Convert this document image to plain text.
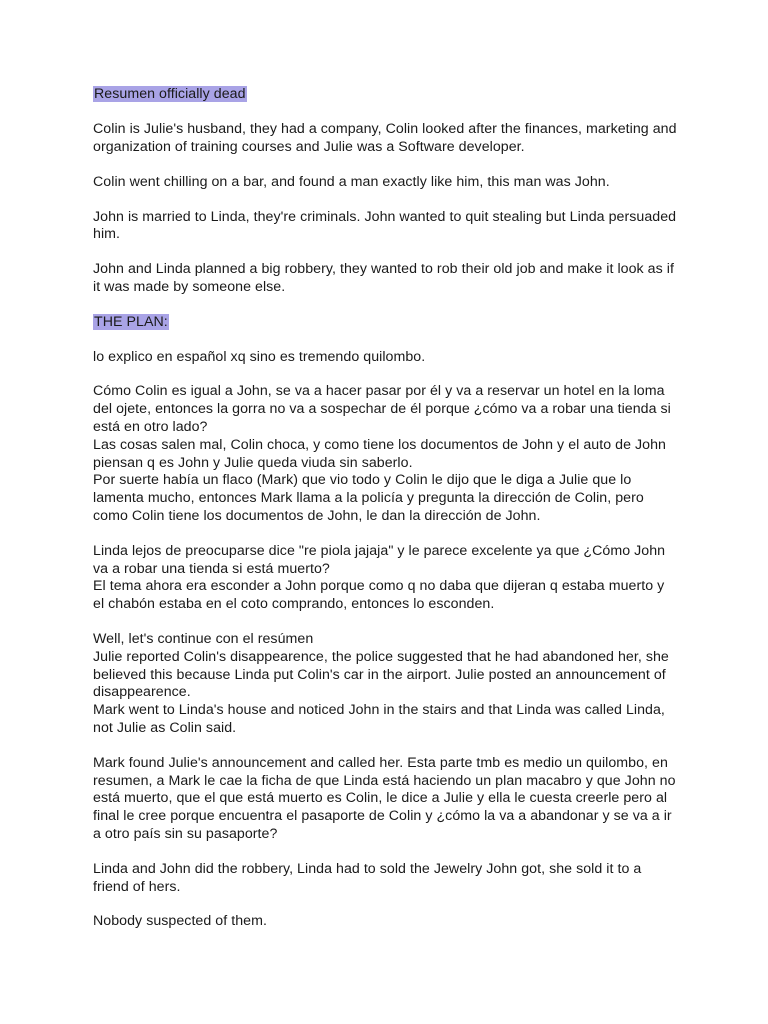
Resumen officially dead
Colin is Julie's husband, they had a company, Colin looked after the finances, marketing and
organization of training courses and Julie was a Software developer.
Colin went chilling on a bar, and found a man exactly like him, this man was John.
John is married to Linda, they're criminals. John wanted to quit stealing but Linda persuaded
him.
John and Linda planned a big robbery, they wanted to rob their old job and make it look as if
it was made by someone else.
THE PLAN:
lo explico en español xq sino es tremendo quilombo.
Cómo Colin es igual a John, se va a hacer pasar por él y va a reservar un hotel en la loma
del ojete, entonces la gorra no va a sospechar de él porque ¿cómo va a robar una tienda si
está en otro lado?
Las cosas salen mal, Colin choca, y como tiene los documentos de John y el auto de John
piensan q es John y Julie queda viuda sin saberlo.
Por suerte había un flaco (Mark) que vio todo y Colin le dijo que le diga a Julie que lo
lamenta mucho, entonces Mark llama a la policía y pregunta la dirección de Colin, pero
como Colin tiene los documentos de John, le dan la dirección de John.
Linda lejos de preocuparse dice "re piola jajaja" y le parece excelente ya que ¿Cómo John
va a robar una tienda si está muerto?
El tema ahora era esconder a John porque como q no daba que dijeran q estaba muerto y
el chabón estaba en el coto comprando, entonces lo esconden.
Well, let's continue con el resúmen
Julie reported Colin's disappearence, the police suggested that he had abandoned her, she
believed this because Linda put Colin's car in the airport. Julie posted an announcement of
disappearence.
Mark went to Linda's house and noticed John in the stairs and that Linda was called Linda,
not Julie as Colin said.
Mark found Julie's announcement and called her. Esta parte tmb es medio un quilombo, en
resumen, a Mark le cae la ficha de que Linda está haciendo un plan macabro y que John no
está muerto, que el que está muerto es Colin, le dice a Julie y ella le cuesta creerle pero al
final le cree porque encuentra el pasaporte de Colin y ¿cómo la va a abandonar y se va a ir
a otro país sin su pasaporte?
Linda and John did the robbery, Linda had to sold the Jewelry John got, she sold it to a
friend of hers.
Nobody suspected of them.
